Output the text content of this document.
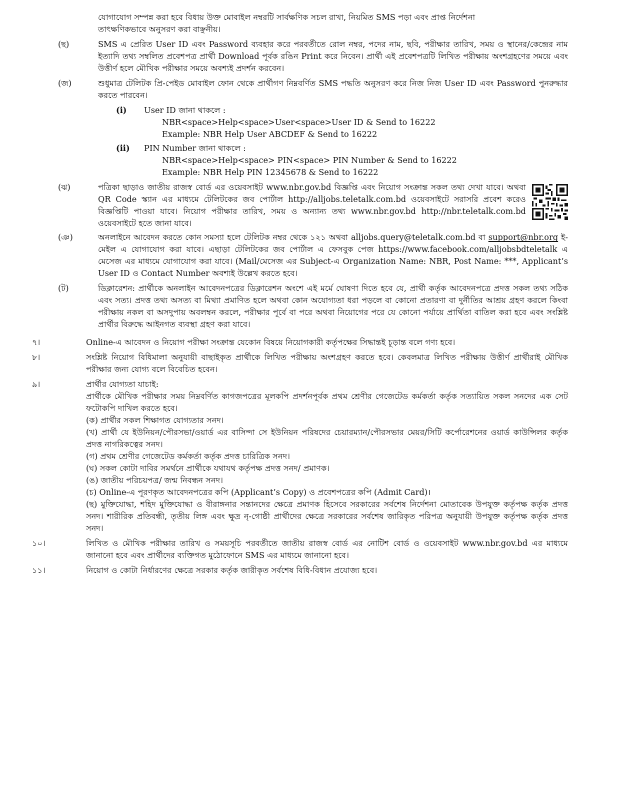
যোগাযোগ সম্পন্ন করা হবে বিধায় উক্ত মোবাইল নম্বরটি সার্বক্ষণিক সচল রাখা, নিয়মিত SMS পড়া এবং প্রাপ্ত নির্দেশনা
তাৎক্ষণিকভাবে অনুসরণ করা বাঞ্ছনীয়।
(ছ)	SMS এ প্রেরিত User ID এবং Password ব্যবহার করে পরবর্তীতে রোল নম্বর, পদের নাম, ছবি, পরীক্ষার তারিখ, সময় ও স্থানের/কেন্দ্রের নাম ইত্যাদি তথ্য সম্বলিত প্রবেশপত্র প্রার্থী Download পূর্বক রঙিন Print করে নিবেন। প্রার্থী এই প্রবেশপত্রটি লিখিত পরীক্ষায় অংশগ্রহণের সময়ে এবং উত্তীর্ণ হলে মৌখিক পরীক্ষার সময়ে অবশ্যই প্রদর্শন করবেন।
(জ)	শুধুমাত্র টেলিটক প্রি-পেইড মোবাইল ফোন থেকে প্রার্থীগণ নিম্নবর্ণিত SMS পদ্ধতি অনুসরণ করে নিজ নিজ User ID এবং Password পুনরুদ্ধার করতে পারবেন।
(i)	User ID জানা থাকলে :
NBR<space>Help<space>User<space>User ID & Send to 16222
Example: NBR Help User ABCDEF & Send to 16222
(ii)	PIN Number জানা থাকলে :
NBR<space>Help<space> PIN<space> PIN Number & Send to 16222
Example: NBR Help PIN 12345678 & Send to 16222
(ঝ)	পত্রিকা ছাড়াও জাতীয় রাজস্ব বোর্ড এর ওয়েবসাইট www.nbr.gov.bd বিজ্ঞপ্তি এবং নিয়োগ সংক্রান্ত সকল তথ্য দেখা যাবে। অথবা QR Code স্ক্যান এর মাধ্যমে টেলিটকের জব পোর্টাল http://alljobs.teletalk.com.bd ওয়েবসাইটে সরাসরি প্রবেশ করেও বিজ্ঞপ্তিটি পাওয়া যাবে। নিয়োগ পরীক্ষার তারিখ, সময় ও অন্যান্য তথ্য www.nbr.gov.bd http://nbr.teletalk.com.bd ওয়েবসাইটে হতে জানা যাবে।
(ঞ)	অনলাইনে আবেদন করতে কোন সমস্যা হলে টেলিটক নম্বর থেকে ১২১ অথবা alljobs.query@teletalk.com.bd বা support@nbr.org ই-মেইল এ যোগাযোগ করা যাবে। এছাড়া টেলিটকের জব পোর্টাল এ ফেসবুক পেজ https://www.facebook.com/alljobsbdteletalk এ মেসেজ এর মাধ্যমে যোগাযোগ করা যাবে। (Mail/মেসেজ এর Subject-এ Organization Name: NBR, Post Name: ***, Applicant’s User ID ও Contact Number অবশ্যই উল্লেখ করতে হবে।
(ট)	ডিক্লারেশন: প্রার্থীকে অনলাইন আবেদনপত্রের ডিক্লারেশন অংশে এই মর্মে ঘোষণা দিতে হবে যে, প্রার্থী কর্তৃক আবেদনপত্রে প্রদত্ত সকল তথ্য সঠিক এবং সত্য। প্রদত্ত তথ্য অসত্য বা মিথ্যা প্রমাণিত হলে অথবা কোন অযোগ্যতা ধরা পড়লে বা কোনো প্রতারণা বা দুর্নীতির আশ্রয় গ্রহণ করলে কিংবা পরীক্ষায় নকল বা অসদুপায় অবলম্বন করলে, পরীক্ষার পূর্বে বা পরে অথবা নিয়োগের পরে যে কোনো পর্যায়ে প্রার্থিতা বাতিল করা হবে এবং সংশ্লিষ্ট প্রার্থীর বিরুদ্ধে আইনগত ব্যবস্থা গ্রহণ করা যাবে।
৭।	Online-এ আবেদন ও নিয়োগ পরীক্ষা সংক্রান্ত যেকোন বিষয়ে নিয়োগকারী কর্তৃপক্ষের সিদ্ধান্তই চূড়ান্ত বলে গণ্য হবে।
৮।	সংশ্লিষ্ট নিয়োগ বিধিমালা অনুযায়ী বাছাইকৃত প্রার্থীকে লিখিত পরীক্ষায় অংশগ্রহণ করতে হবে। কেবলমাত্র লিখিত পরীক্ষায় উত্তীর্ণ প্রার্থীরাই মৌখিক পরীক্ষার জন্য যোগ্য বলে বিবেচিত হবেন।
৯।	প্রার্থীর যোগ্যতা যাচাই:
প্রার্থীকে মৌখিক পরীক্ষার সময় নিম্নবর্ণিত কাগজপত্রের মূলকপি প্রদর্শনপূর্বক প্রথম শ্রেণীর গেজেটেড কর্মকর্তা কর্তৃক সত্যায়িত সকল সনদের এক সেট ফটোকপি দাখিল করতে হবে।
(ক) প্রার্থীর সকল শিক্ষাগত যোগ্যতার সনদ।
(খ) প্রার্থী যে ইউনিয়ন/পৌরসভা/ওয়ার্ড এর বাসিন্দা সে ইউনিয়ন পরিষদের চেয়ারম্যান/পৌরসভার মেয়র/সিটি কর্পোরেশনের ওয়ার্ড কাউন্সিলর কর্তৃক প্রদত্ত নাগরিকত্বের সনদ।
(গ) প্রথম শ্রেণীর গেজেটেড কর্মকর্তা কর্তৃক প্রদত্ত চারিত্রিক সনদ।
(ঘ) সকল কোটা দাবির সমর্থনে প্রার্থীকে যথাযথ কর্তৃপক্ষ প্রদত্ত সনদ/ প্রমাণক।
(ঙ) জাতীয় পরিচয়পত্র/ জন্ম নিবন্ধন সনদ।
(চ) Online-এ পূরণকৃত আবেদনপত্রের কপি (Applicant’s Copy) ও প্রবেশপত্রের কপি (Admit Card)।
(ছ) মুক্তিযোদ্ধা, শহিদ মুক্তিযোদ্ধা ও বীরাঙ্গনার সন্তানদের ক্ষেত্রে প্রমাণক হিসেবে সরকারের সর্বশেষ নির্দেশনা মোতাবেক উপযুক্ত কর্তৃপক্ষ কর্তৃক প্রদত্ত সনদ। শারীরিক প্রতিবন্ধী, তৃতীয় লিঙ্গ এবং ক্ষুদ্র নৃ-গোষ্ঠী প্রার্থীদের ক্ষেত্রে সরকারের সর্বশেষ জারিকৃত পরিপত্র অনুযায়ী উপযুক্ত কর্তৃপক্ষ কর্তৃক প্রদত্ত সনদ।
১০।	লিখিত ও মৌখিক পরীক্ষার তারিখ ও সময়সূচি পরবর্তীতে জাতীয় রাজস্ব বোর্ড এর নোটিশ বোর্ড ও ওয়েবসাইট www.nbr.gov.bd এর মাধ্যমে জানানো হবে এবং প্রার্থীদের ব্যক্তিগত মুঠোফোনে SMS এর মাধ্যমে জানানো হবে।
১১।	নিয়োগ ও কোটা নির্ধারণের ক্ষেত্রে সরকার কর্তৃক জারীকৃত সর্বশেষ বিধি-বিধান প্রযোজ্য হবে।
